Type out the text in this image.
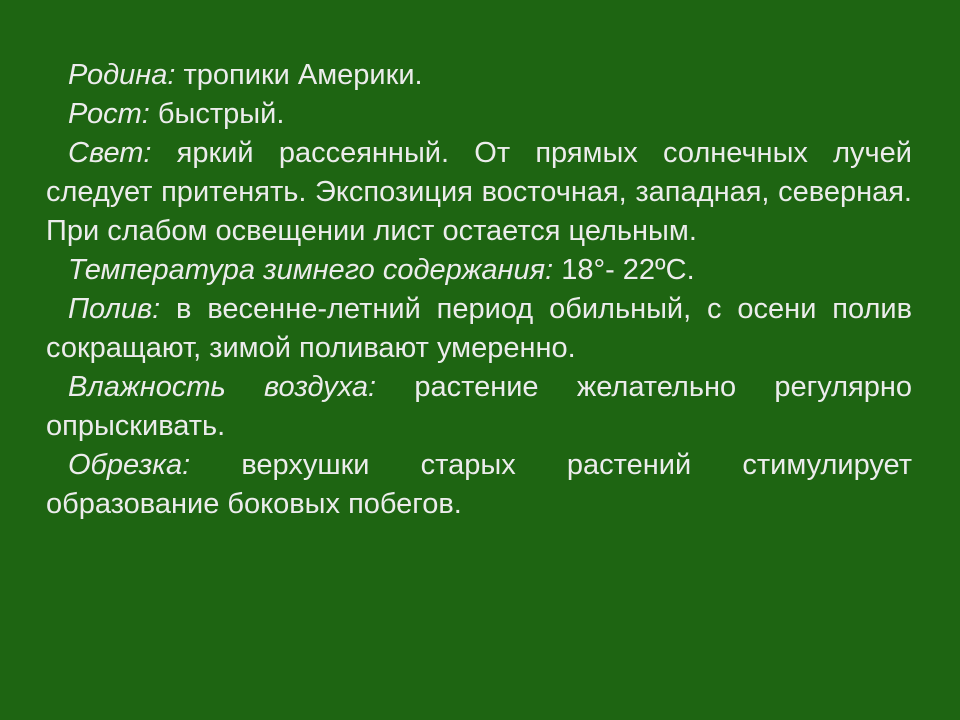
Родина: тропики Америки.

Рост: быстрый.

Свет: яркий рассеянный. От прямых солнечных лучей следует притенять. Экспозиция восточная, западная, северная. При слабом освещении лист остается цельным.

Температура зимнего содержания: 18°- 22ºС.

Полив: в весенне-летний период обильный, с осени полив сокращают, зимой поливают умеренно.

Влажность воздуха: растение желательно регулярно опрыскивать.

Обрезка: верхушки старых растений стимулирует образование боковых побегов.
